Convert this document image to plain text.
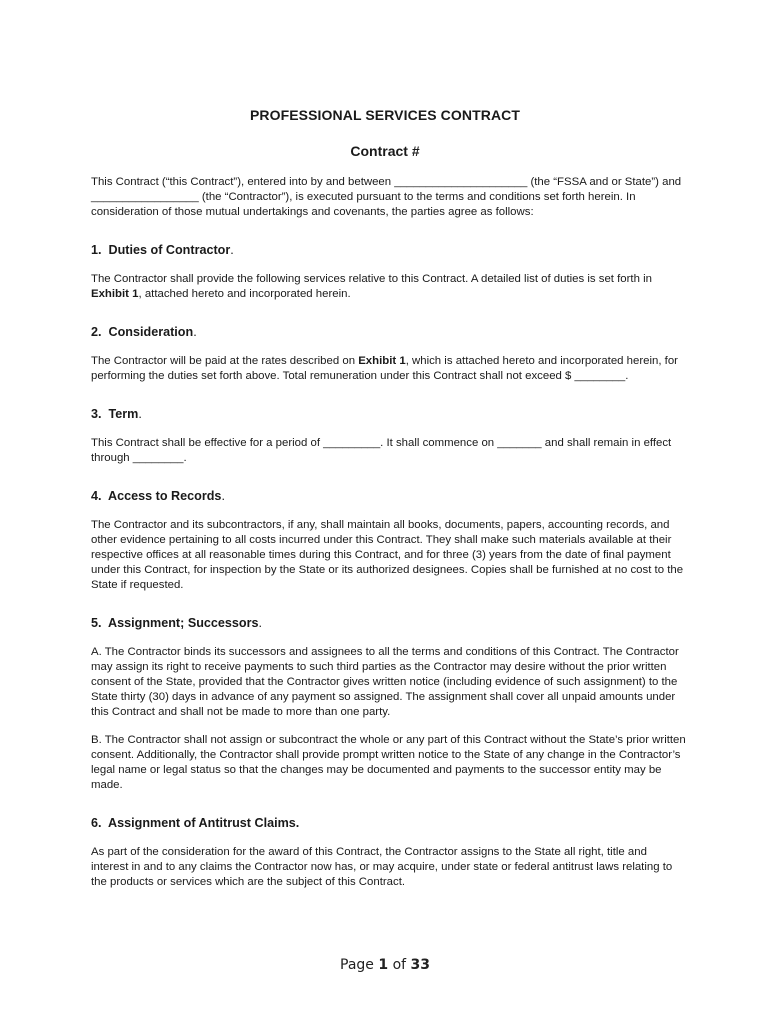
PROFESSIONAL SERVICES CONTRACT
Contract #

This Contract (“this Contract”), entered into by and between _____________________ (the “FSSA and or State”) and _________________ (the “Contractor”), is executed pursuant to the terms and conditions set forth herein. In consideration of those mutual undertakings and covenants, the parties agree as follows:

1. Duties of Contractor.

The Contractor shall provide the following services relative to this Contract. A detailed list of duties is set forth in Exhibit 1, attached hereto and incorporated herein.

2. Consideration.

The Contractor will be paid at the rates described on Exhibit 1, which is attached hereto and incorporated herein, for performing the duties set forth above. Total remuneration under this Contract shall not exceed $ ________.

3. Term.

This Contract shall be effective for a period of _________. It shall commence on _______ and shall remain in effect through ________.

4. Access to Records.

The Contractor and its subcontractors, if any, shall maintain all books, documents, papers, accounting records, and other evidence pertaining to all costs incurred under this Contract. They shall make such materials available at their respective offices at all reasonable times during this Contract, and for three (3) years from the date of final payment under this Contract, for inspection by the State or its authorized designees. Copies shall be furnished at no cost to the State if requested.

5. Assignment; Successors.

A. The Contractor binds its successors and assignees to all the terms and conditions of this Contract. The Contractor may assign its right to receive payments to such third parties as the Contractor may desire without the prior written consent of the State, provided that the Contractor gives written notice (including evidence of such assignment) to the State thirty (30) days in advance of any payment so assigned. The assignment shall cover all unpaid amounts under this Contract and shall not be made to more than one party.

B. The Contractor shall not assign or subcontract the whole or any part of this Contract without the State’s prior written consent. Additionally, the Contractor shall provide prompt written notice to the State of any change in the Contractor’s legal name or legal status so that the changes may be documented and payments to the successor entity may be made.

6. Assignment of Antitrust Claims.

As part of the consideration for the award of this Contract, the Contractor assigns to the State all right, title and interest in and to any claims the Contractor now has, or may acquire, under state or federal antitrust laws relating to the products or services which are the subject of this Contract.

Page 1 of 33
